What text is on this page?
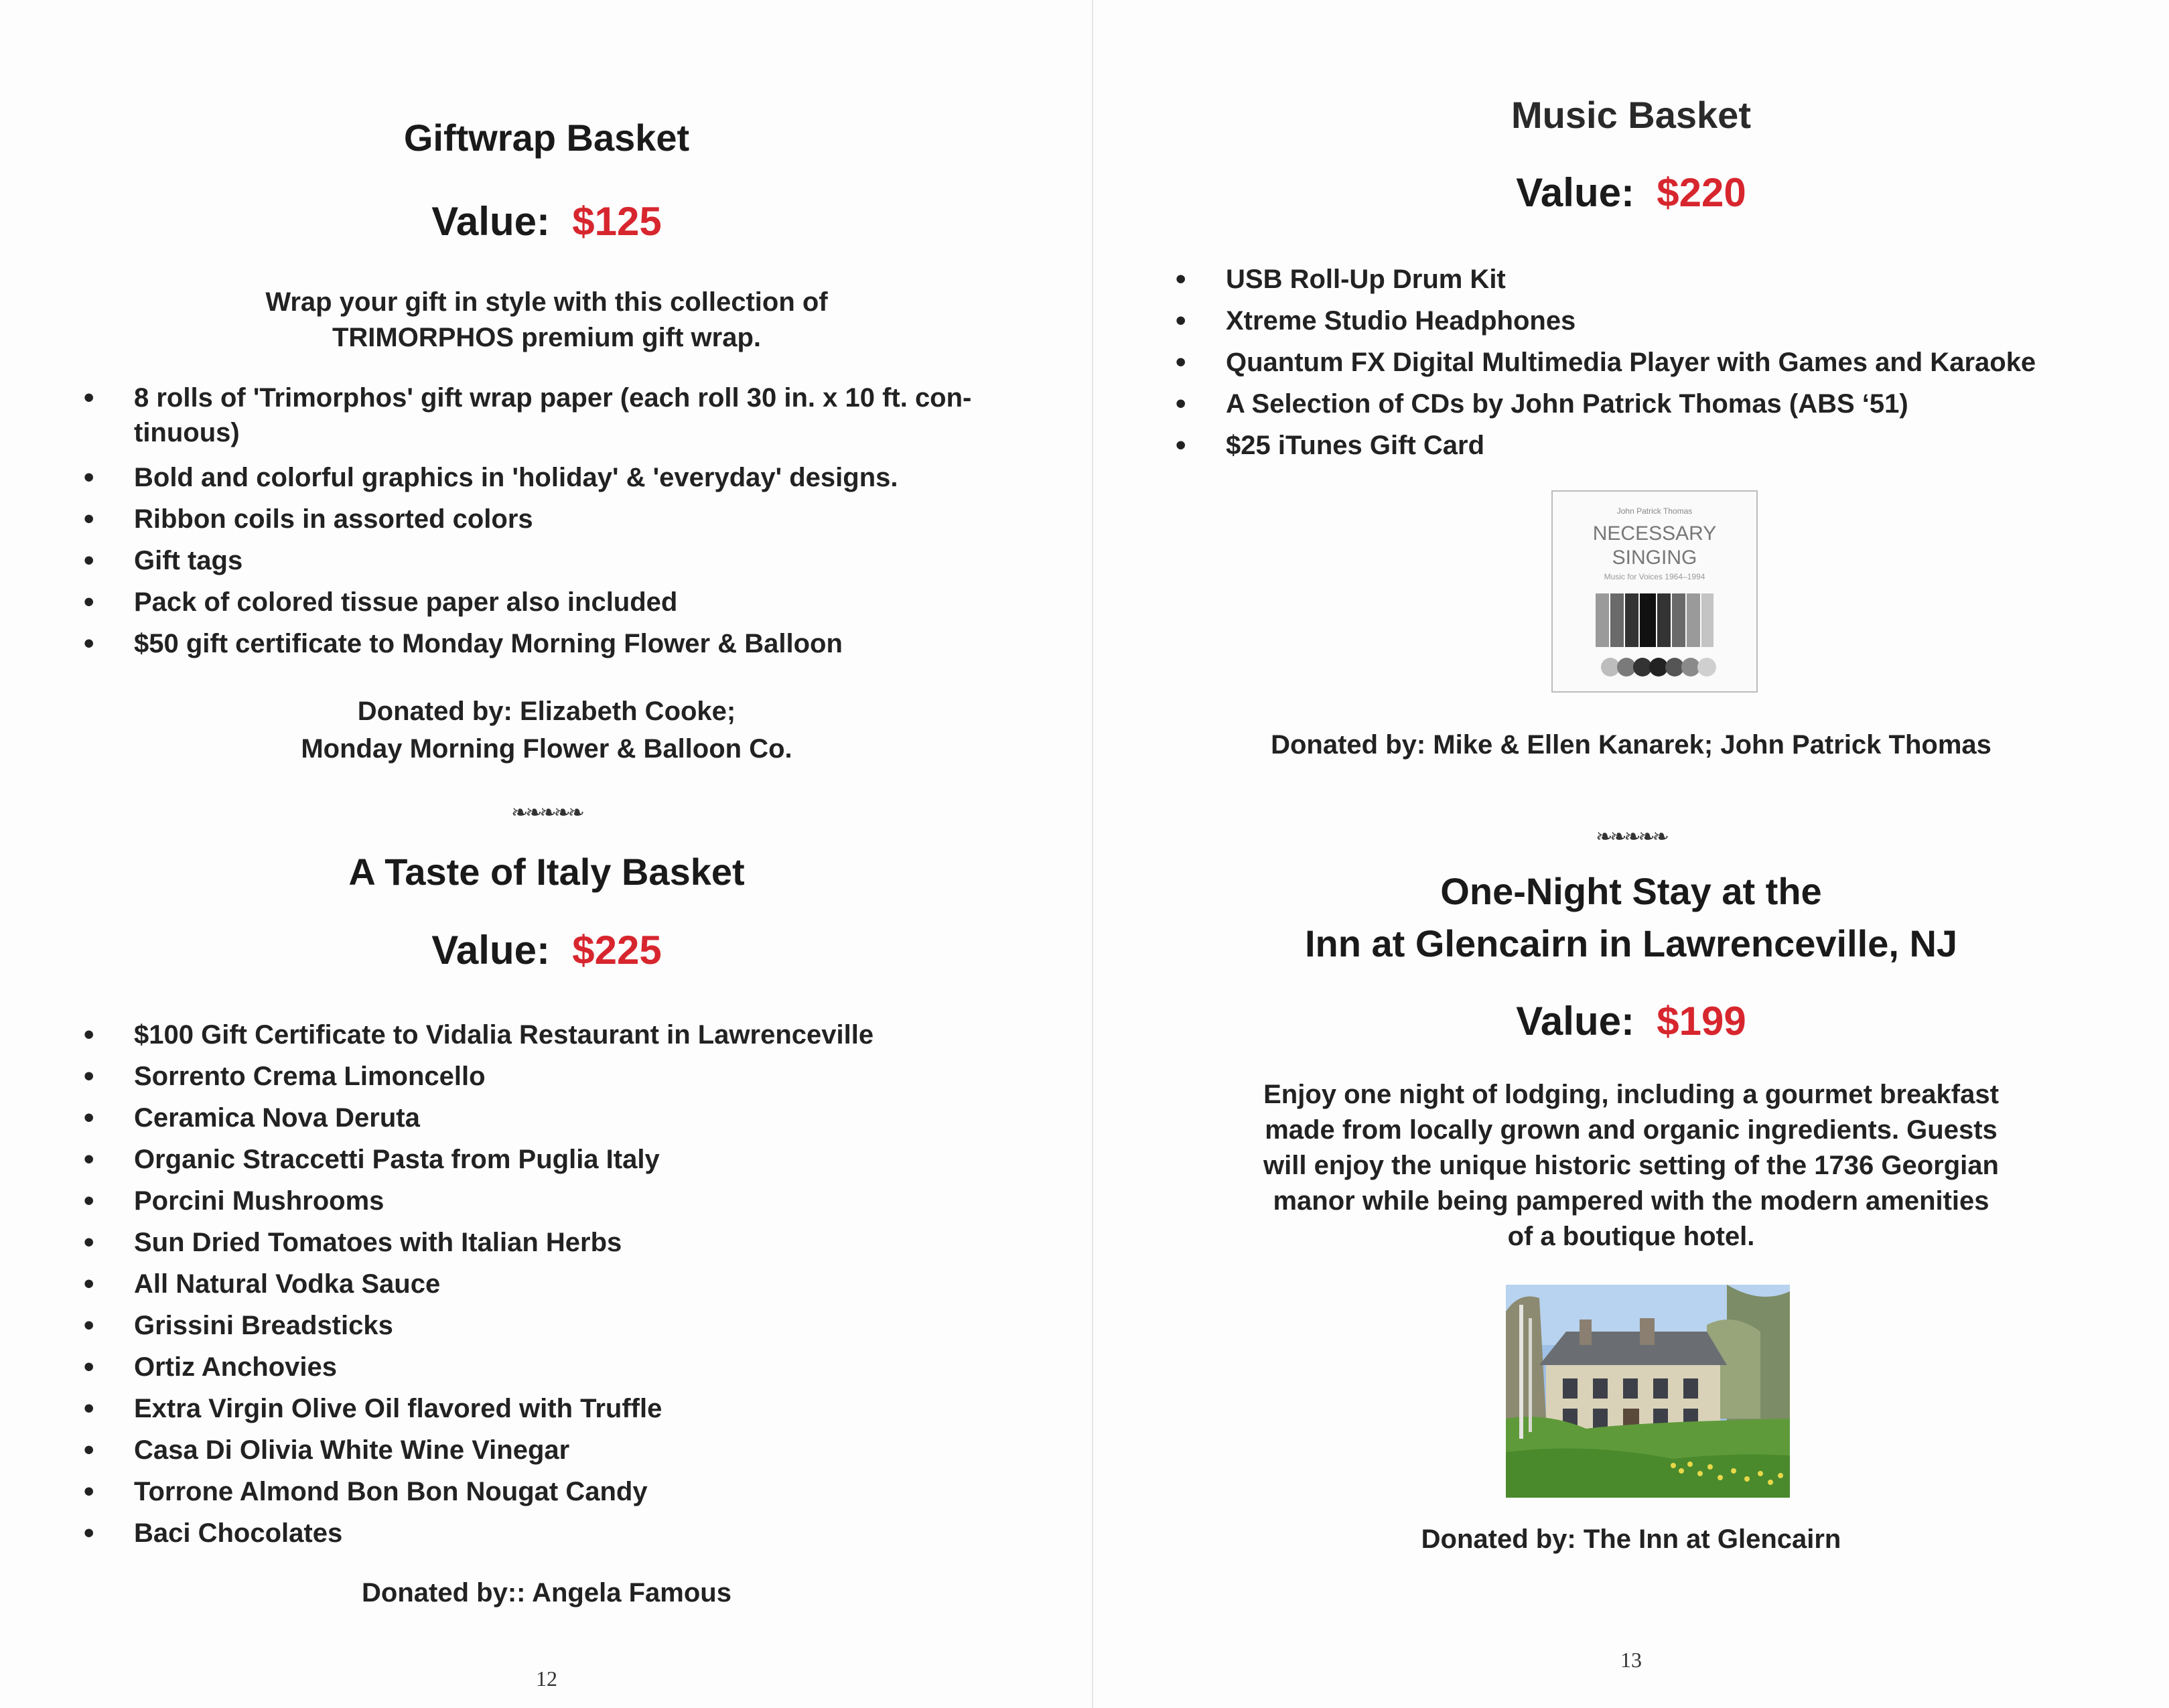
Giftwrap Basket
Value: $125
Wrap your gift in style with this collection of
TRIMORPHOS premium gift wrap.
• 8 rolls of 'Trimorphos' gift wrap paper (each roll 30 in. x 10 ft. con-tinuous)
• Bold and colorful graphics in 'holiday' & 'everyday' designs.
• Ribbon coils in assorted colors
• Gift tags
• Pack of colored tissue paper also included
• $50 gift certificate to Monday Morning Flower & Balloon
Donated by: Elizabeth Cooke;
Monday Morning Flower & Balloon Co.
❧❧❧❧❧
A Taste of Italy Basket
Value: $225
• $100 Gift Certificate to Vidalia Restaurant in Lawrenceville
• Sorrento Crema Limoncello
• Ceramica Nova Deruta
• Organic Straccetti Pasta from Puglia Italy
• Porcini Mushrooms
• Sun Dried Tomatoes with Italian Herbs
• All Natural Vodka Sauce
• Grissini Breadsticks
• Ortiz Anchovies
• Extra Virgin Olive Oil flavored with Truffle
• Casa Di Olivia White Wine Vinegar
• Torrone Almond Bon Bon Nougat Candy
• Baci Chocolates
Donated by:: Angela Famous
12
Music Basket
Value: $220
• USB Roll-Up Drum Kit
• Xtreme Studio Headphones
• Quantum FX Digital Multimedia Player with Games and Karaoke
• A Selection of CDs by John Patrick Thomas (ABS ‘51)
• $25 iTunes Gift Card
John Patrick Thomas
NECESSARY
SINGING
Music for Voices 1964–1994
Donated by: Mike & Ellen Kanarek; John Patrick Thomas
❧❧❧❧❧
One-Night Stay at the
Inn at Glencairn in Lawrenceville, NJ
Value: $199
Enjoy one night of lodging, including a gourmet breakfast
made from locally grown and organic ingredients. Guests
will enjoy the unique historic setting of the 1736 Georgian
manor while being pampered with the modern amenities
of a boutique hotel.
Donated by: The Inn at Glencairn
13
